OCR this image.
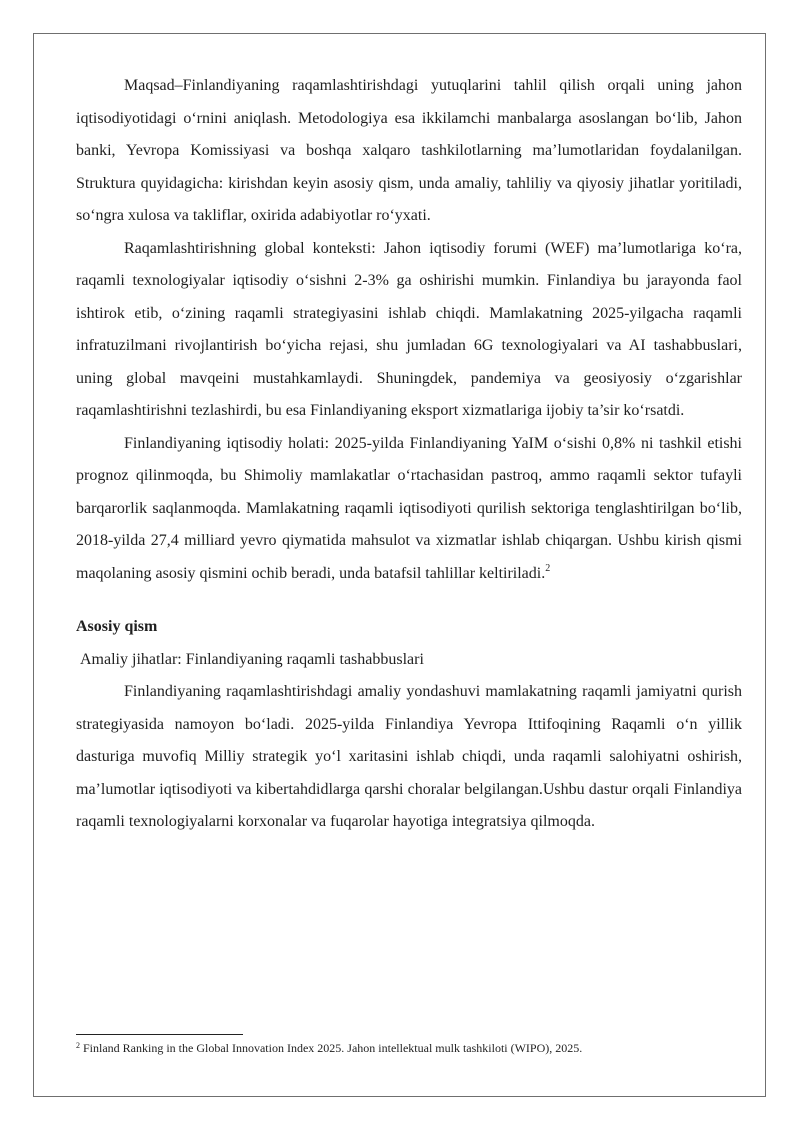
Maqsad–Finlandiyaning raqamlashtirishdagi yutuqlarini tahlil qilish orqali uning jahon iqtisodiyotidagi o‘rnini aniqlash. Metodologiya esa ikkilamchi manbalarga asoslangan bo‘lib, Jahon banki, Yevropa Komissiyasi va boshqa xalqaro tashkilotlarning ma’lumotlaridan foydalanilgan. Struktura quyidagicha: kirishdan keyin asosiy qism, unda amaliy, tahliliy va qiyosiy jihatlar yoritiladi, so‘ngra xulosa va takliflar, oxirida adabiyotlar ro‘yxati.

Raqamlashtirishning global konteksti: Jahon iqtisodiy forumi (WEF) ma’lumotlariga ko‘ra, raqamli texnologiyalar iqtisodiy o‘sishni 2-3% ga oshirishi mumkin. Finlandiya bu jarayonda faol ishtirok etib, o‘zining raqamli strategiyasini ishlab chiqdi. Mamlakatning 2025-yilgacha raqamli infratuzilmani rivojlantirish bo‘yicha rejasi, shu jumladan 6G texnologiyalari va AI tashabbuslari, uning global mavqeini mustahkamlaydi. Shuningdek, pandemiya va geosiyosiy o‘zgarishlar raqamlashtirishni tezlashirdi, bu esa Finlandiyaning eksport xizmatlariga ijobiy ta’sir ko‘rsatdi.

Finlandiyaning iqtisodiy holati: 2025-yilda Finlandiyaning YaIM o‘sishi 0,8% ni tashkil etishi prognoz qilinmoqda, bu Shimoliy mamlakatlar o‘rtachasidan pastroq, ammo raqamli sektor tufayli barqarorlik saqlanmoqda. Mamlakatning raqamli iqtisodiyoti qurilish sektoriga tenglashtirilgan bo‘lib, 2018-yilda 27,4 milliard yevro qiymatida mahsulot va xizmatlar ishlab chiqargan. Ushbu kirish qismi maqolaning asosiy qismini ochib beradi, unda batafsil tahlillar keltiriladi.$^2$

Asosiy qism

Amaliy jihatlar: Finlandiyaning raqamli tashabbuslari

Finlandiyaning raqamlashtirishdagi amaliy yondashuvi mamlakatning raqamli jamiyatni qurish strategiyasida namoyon bo‘ladi. 2025-yilda Finlandiya Yevropa Ittifoqining Raqamli o‘n yillik dasturiga muvofiq Milliy strategik yo‘l xaritasini ishlab chiqdi, unda raqamli salohiyatni oshirish, ma’lumotlar iqtisodiyoti va kibertahdidlarga qarshi choralar belgilangan.Ushbu dastur orqali Finlandiya raqamli texnologiyalarni korxonalar va fuqarolar hayotiga integratsiya qilmoqda.

$^2$ Finland Ranking in the Global Innovation Index 2025. Jahon intellektual mulk tashkiloti (WIPO), 2025.
